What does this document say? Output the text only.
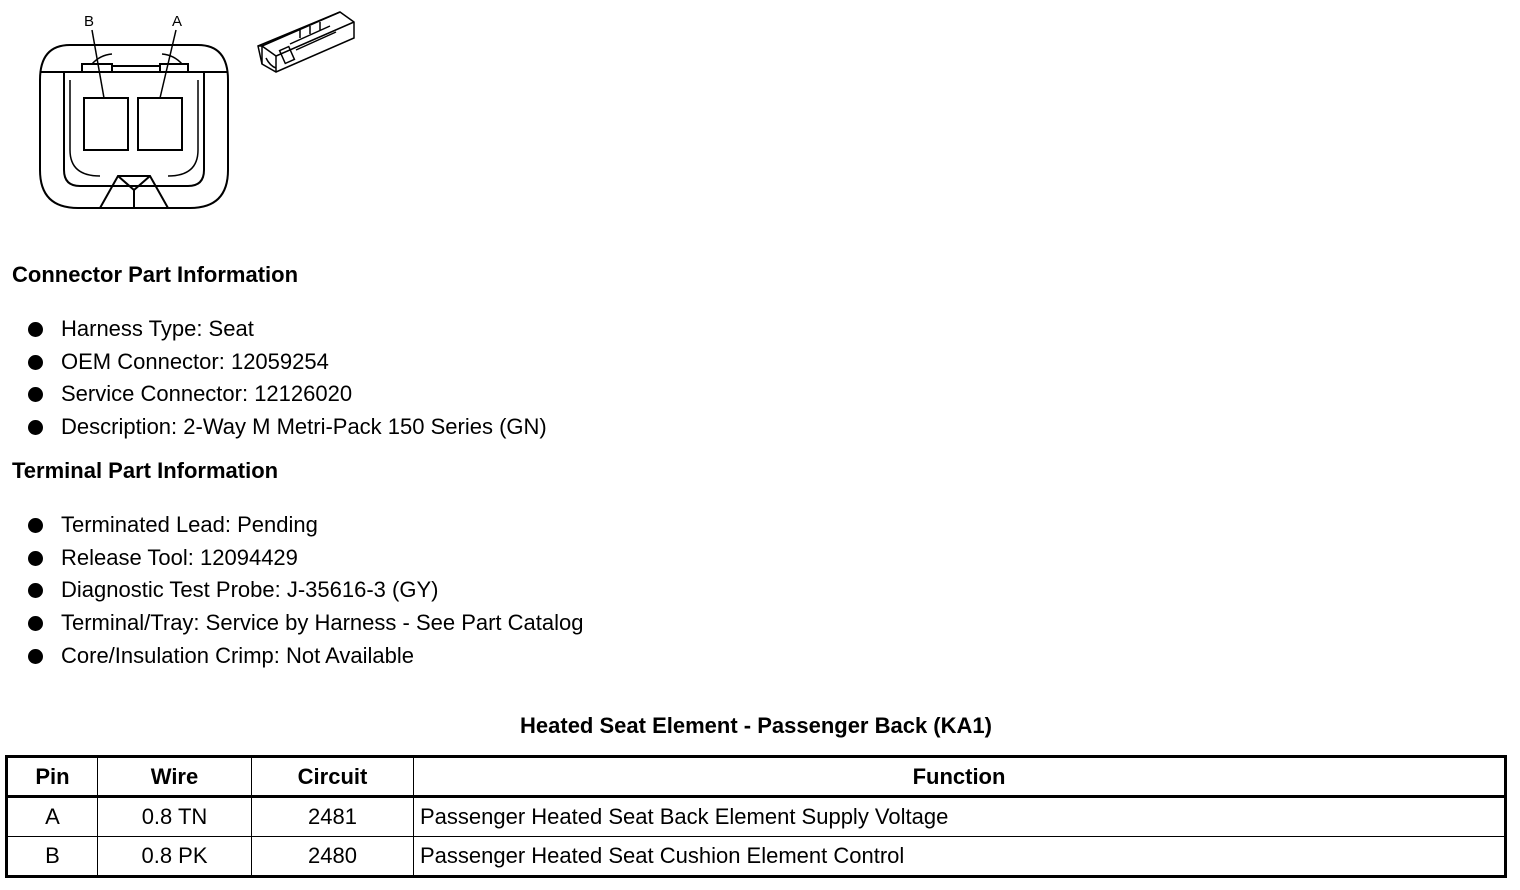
B	A
Connector Part Information
Harness Type: Seat
OEM Connector: 12059254
Service Connector: 12126020
Description: 2-Way M Metri-Pack 150 Series (GN)
Terminal Part Information
Terminated Lead: Pending
Release Tool: 12094429
Diagnostic Test Probe: J-35616-3 (GY)
Terminal/Tray: Service by Harness - See Part Catalog
Core/Insulation Crimp: Not Available
Heated Seat Element - Passenger Back (KA1)
Pin	Wire	Circuit	Function
A	0.8 TN	2481	Passenger Heated Seat Back Element Supply Voltage
B	0.8 PK	2480	Passenger Heated Seat Cushion Element Control
